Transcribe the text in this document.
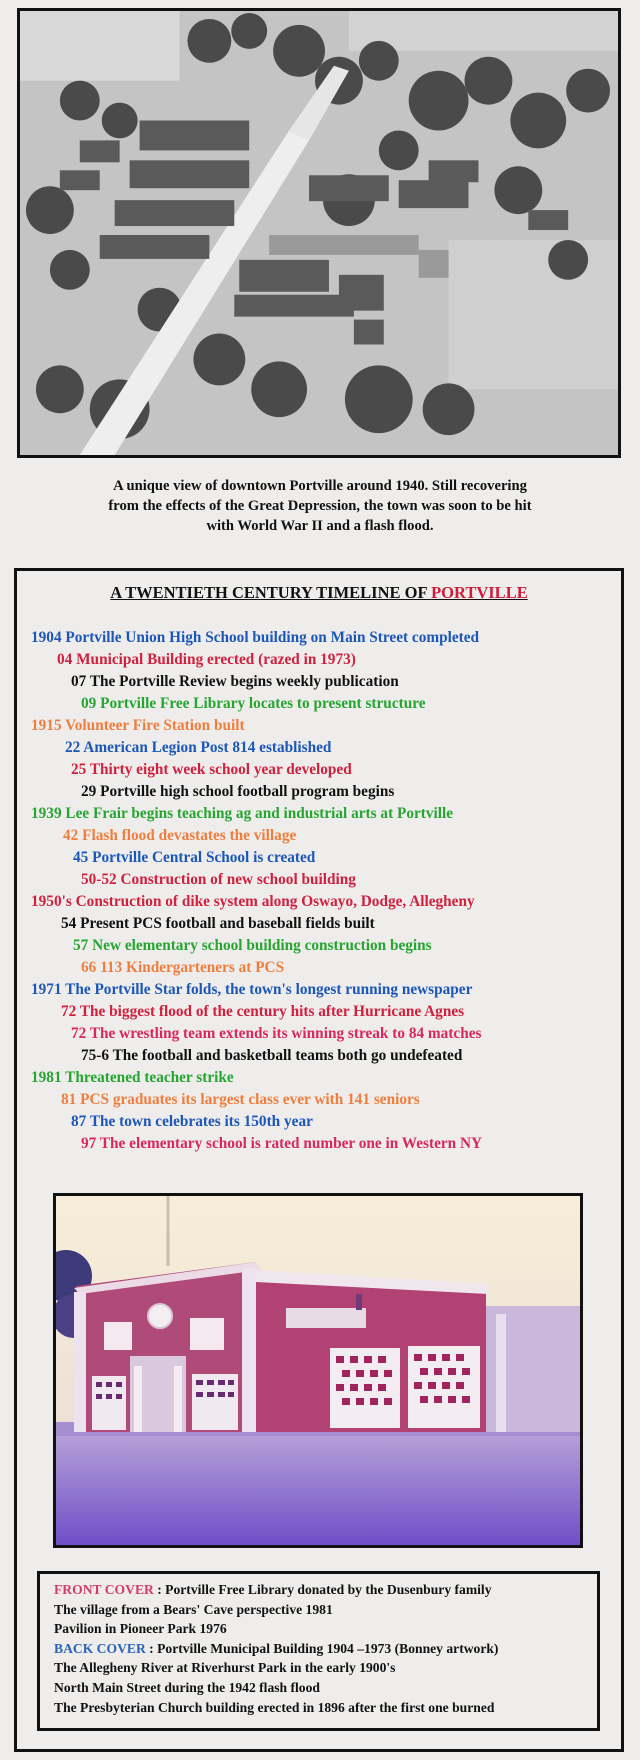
A unique view of downtown Portville around 1940. Still recovering
from the effects of the Great Depression, the town was soon to be hit
with World War II and a flash flood.
A TWENTIETH CENTURY TIMELINE OF PORTVILLE
1904 Portville Union High School building on Main Street completed
04 Municipal Building erected (razed in 1973)
07 The Portville Review begins weekly publication
09 Portville Free Library locates to present structure
1915 Volunteer Fire Station built
22 American Legion Post 814 established
25 Thirty eight week school year developed
29 Portville high school football program begins
1939 Lee Frair begins teaching ag and industrial arts at Portville
42 Flash flood devastates the village
45 Portville Central School is created
50-52 Construction of new school building
1950's Construction of dike system along Oswayo, Dodge, Allegheny
54 Present PCS football and baseball fields built
57 New elementary school building construction begins
66 113 Kindergarteners at PCS
1971 The Portville Star folds, the town's longest running newspaper
72 The biggest flood of the century hits after Hurricane Agnes
72 The wrestling team extends its winning streak to 84 matches
75-6 The football and basketball teams both go undefeated
1981 Threatened teacher strike
81 PCS graduates its largest class ever with 141 seniors
87 The town celebrates its 150th year
97 The elementary school is rated number one in Western NY
FRONT COVER : Portville Free Library donated by the Dusenbury family
The village from a Bears' Cave perspective 1981
Pavilion in Pioneer Park 1976
BACK COVER : Portville Municipal Building 1904 –1973 (Bonney artwork)
The Allegheny River at Riverhurst Park in the early 1900's
North Main Street during the 1942 flash flood
The Presbyterian Church building erected in 1896 after the first one burned
